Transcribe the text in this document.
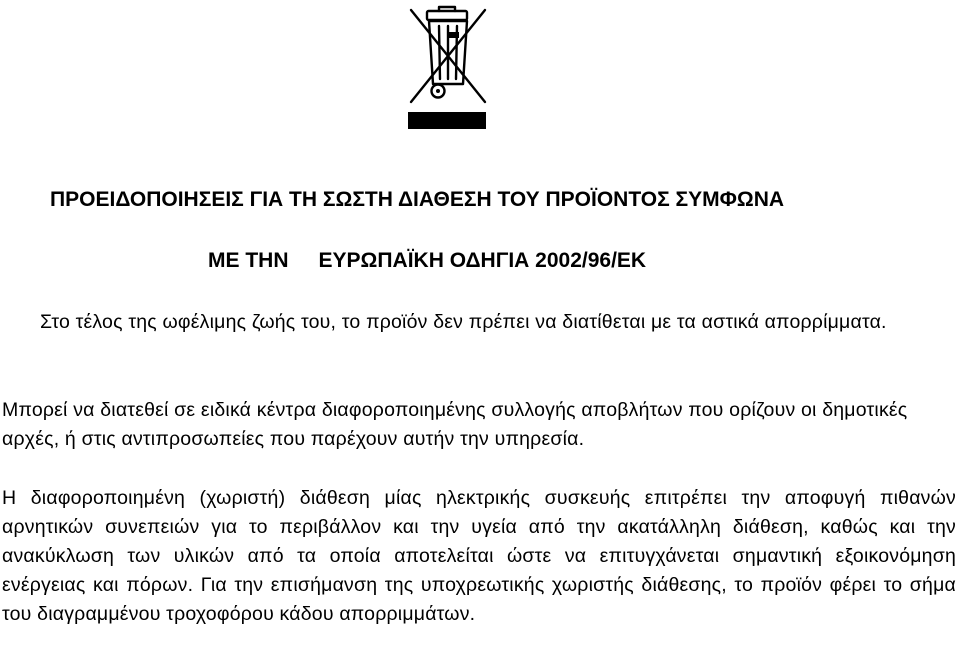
ΠΡΟΕΙΔΟΠΟΙΗΣΕΙΣ ΓΙΑ ΤΗ ΣΩΣΤΗ ΔΙΑΘΕΣΗ ΤΟΥ ΠΡΟΪΟΝΤΟΣ ΣΥΜΦΩΝΑ
ΜΕ ΤΗΝ ΕΥΡΩΠΑΪΚΗ ΟΔΗΓΙΑ 2002/96/ΕΚ

Στο τέλος της ωφέλιμης ζωής του, το προϊόν δεν πρέπει να διατίθεται με τα αστικά απορρίμματα.

Μπορεί να διατεθεί σε ειδικά κέντρα διαφοροποιημένης συλλογής αποβλήτων που ορίζουν οι δημοτικές αρχές, ή στις αντιπροσωπείες που παρέχουν αυτήν την υπηρεσία.

Η διαφοροποιημένη (χωριστή) διάθεση μίας ηλεκτρικής συσκευής επιτρέπει την αποφυγή πιθανών αρνητικών συνεπειών για το περιβάλλον και την υγεία από την ακατάλληλη διάθεση, καθώς και την ανακύκλωση των υλικών από τα οποία αποτελείται ώστε να επιτυγχάνεται σημαντική εξοικονόμηση ενέργειας και πόρων. Για την επισήμανση της υποχρεωτικής χωριστής διάθεσης, το προϊόν φέρει το σήμα του διαγραμμένου τροχοφόρου κάδου απορριμμάτων.
